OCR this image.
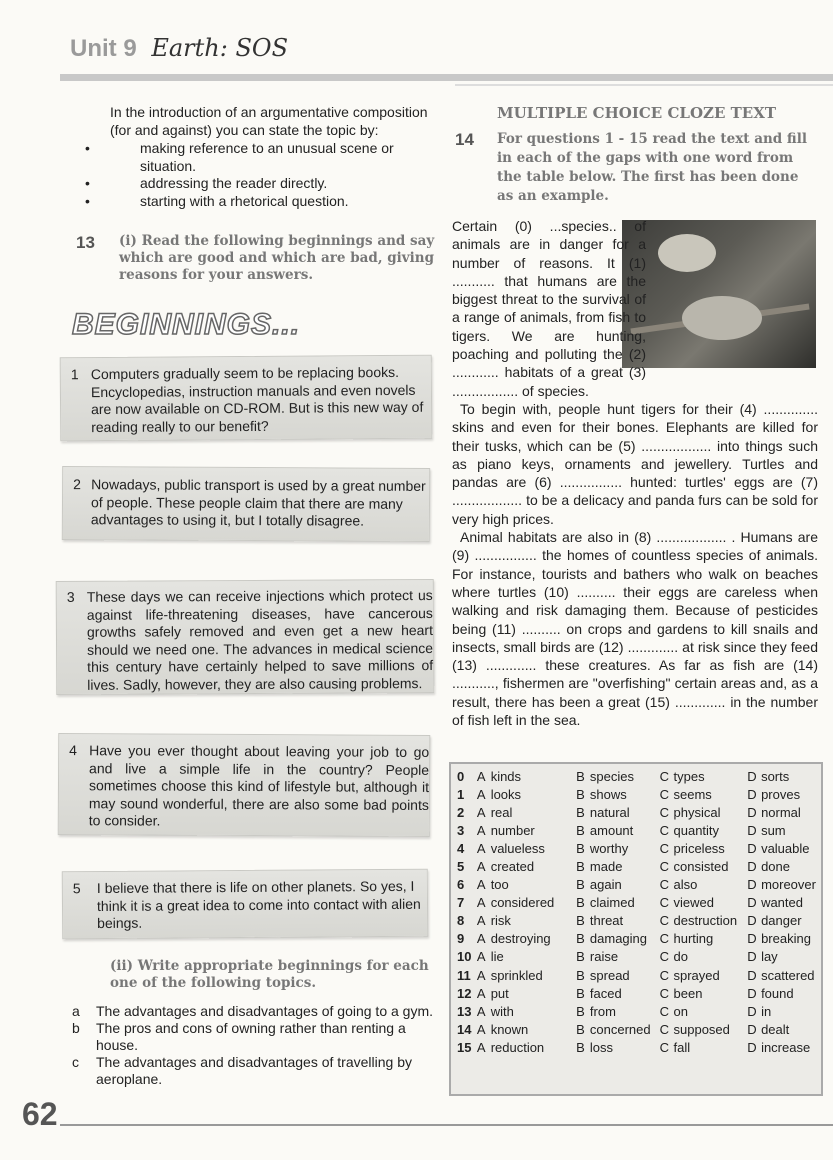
Unit 9 Earth: SOS
In the introduction of an argumentative composition (for and against) you can state the topic by:
• making reference to an unusual scene or situation.
• addressing the reader directly.
• starting with a rhetorical question.
13 (i) Read the following beginnings and say which are good and which are bad, giving reasons for your answers.
BEGINNINGS...
1 Computers gradually seem to be replacing books. Encyclopedias, instruction manuals and even novels are now available on CD-ROM. But is this new way of reading really to our benefit?
2 Nowadays, public transport is used by a great number of people. These people claim that there are many advantages to using it, but I totally disagree.
3 These days we can receive injections which protect us against life-threatening diseases, have cancerous growths safely removed and even get a new heart should we need one. The advances in medical science this century have certainly helped to save millions of lives. Sadly, however, they are also causing problems.
4 Have you ever thought about leaving your job to go and live a simple life in the country? People sometimes choose this kind of lifestyle but, although it may sound wonderful, there are also some bad points to consider.
5 I believe that there is life on other planets. So yes, I think it is a great idea to come into contact with alien beings.
(ii) Write appropriate beginnings for each one of the following topics.
a The advantages and disadvantages of going to a gym.
b The pros and cons of owning rather than renting a house.
c The advantages and disadvantages of travelling by aeroplane.
62
MULTIPLE CHOICE CLOZE TEXT
14 For questions 1 - 15 read the text and fill in each of the gaps with one word from the table below. The first has been done as an example.

Certain (0) ...species.. of animals are in danger for a number of reasons. It (1) ........... that humans are the biggest threat to the survival of a range of animals, from fish to tigers. We are hunting, poaching and polluting the (2) ............ habitats of a great (3) ................. of species.

To begin with, people hunt tigers for their (4) .............. skins and even for their bones. Elephants are killed for their tusks, which can be (5) .................. into things such as piano keys, ornaments and jewellery. Turtles and pandas are (6) ................ hunted: turtles' eggs are (7) .................. to be a delicacy and panda furs can be sold for very high prices.

Animal habitats are also in (8) .................. . Humans are (9) ................ the homes of countless species of animals. For instance, tourists and bathers who walk on beaches where turtles (10) .......... their eggs are careless when walking and risk damaging them. Because of pesticides being (11) .......... on crops and gardens to kill snails and insects, small birds are (12) ............. at risk since they feed (13) ............. these creatures. As far as fish are (14) ..........., fishermen are "overfishing" certain areas and, as a result, there has been a great (15) ............. in the number of fish left in the sea.

0	A	kinds	B	species	C	types	D	sorts
1	A	looks	B	shows	C	seems	D	proves
2	A	real	B	natural	C	physical	D	normal
3	A	number	B	amount	C	quantity	D	sum
4	A	valueless	B	worthy	C	priceless	D	valuable
5	A	created	B	made	C	consisted	D	done
6	A	too	B	again	C	also	D	moreover
7	A	considered	B	claimed	C	viewed	D	wanted
8	A	risk	B	threat	C	destruction	D	danger
9	A	destroying	B	damaging	C	hurting	D	breaking
10	A	lie	B	raise	C	do	D	lay
11	A	sprinkled	B	spread	C	sprayed	D	scattered
12	A	put	B	faced	C	been	D	found
13	A	with	B	from	C	on	D	in
14	A	known	B	concerned	C	supposed	D	dealt
15	A	reduction	B	loss	C	fall	D	increase
